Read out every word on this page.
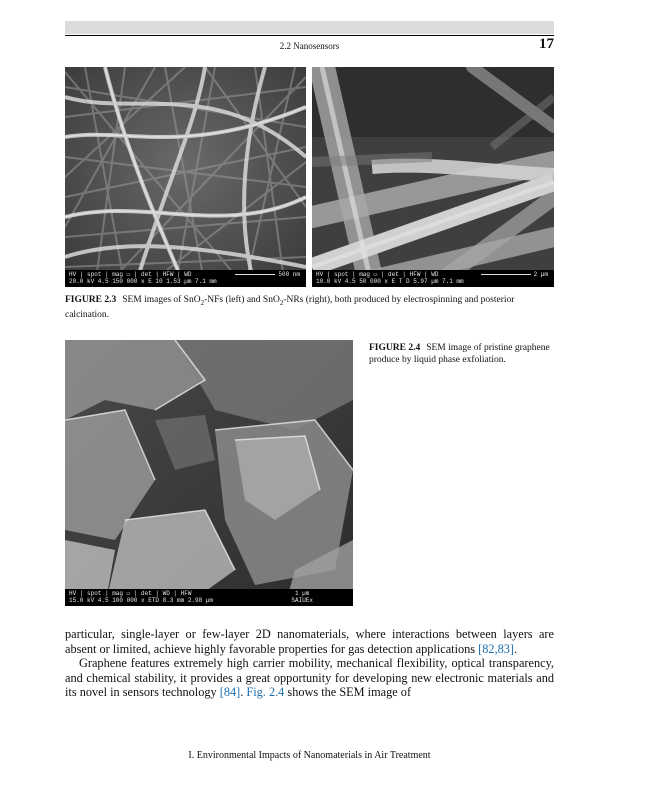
2.2 Nanosensors	17
HV | spot | mag ▭ | det | HFW | WD
20.0 kV 4.5 150 000 x E 10 1.53 µm 7.1 mm
500 nm	HV | spot | mag ▭ | det | HFW | WD
10.0 kV 4.5 50 000 x E T D 5.97 µm 7.1 mm
2 µm
FIGURE 2.3 SEM images of SnO$_2$-NFs (left) and SnO$_2$-NRs (right), both produced by electrospinning and posterior calcination.
HV | spot | mag ▭ | det | WD | HFW
15.0 kV 4.5 100 000 x ETD 8.3 mm 2.98 µm
1 µm
SAIUEx
FIGURE 2.4 SEM image of pristine graphene produce by liquid phase exfoliation.

particular, single-layer or few-layer 2D nanomaterials, where interactions between layers are absent or limited, achieve highly favorable properties for gas detection applications [82,83].

Graphene features extremely high carrier mobility, mechanical flexibility, optical transparency, and chemical stability, it provides a great opportunity for developing new electronic materials and its novel in sensors technology [84]. Fig. 2.4 shows the SEM image of

I. Environmental Impacts of Nanomaterials in Air Treatment
